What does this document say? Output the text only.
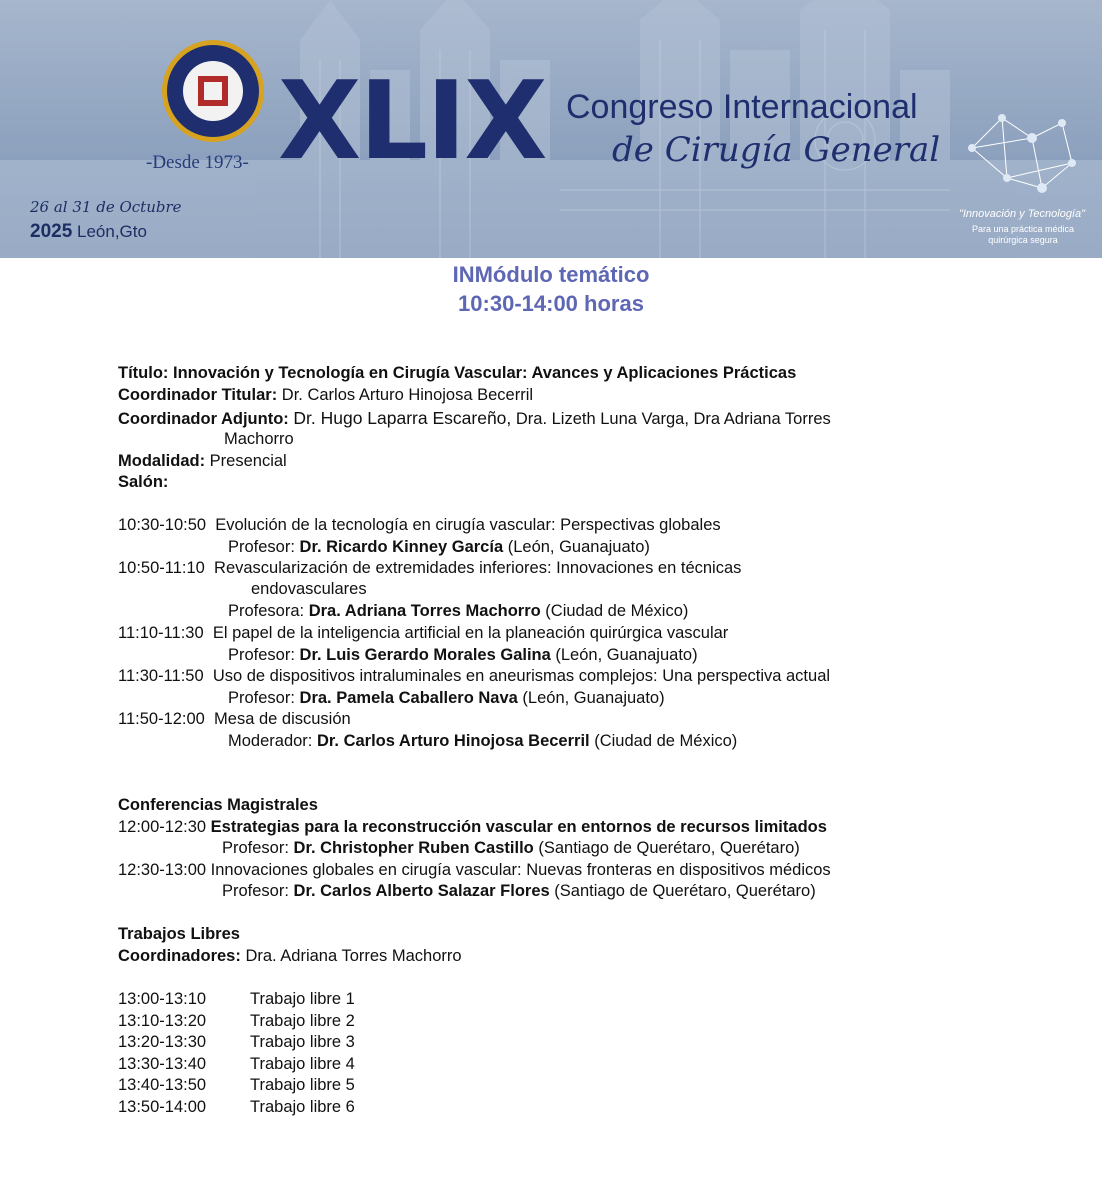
-Desde 1973-
26 al 31 de Octubre
2025 León,Gto
XLIX Congreso Internacional
de Cirugía General
"Innovación y Tecnología"
Para una práctica médica quirúrgica segura
INMódulo temático
10:30-14:00 horas
Título: Innovación y Tecnología en Cirugía Vascular: Avances y Aplicaciones Prácticas
Coordinador Titular: Dr. Carlos Arturo Hinojosa Becerril
Coordinador Adjunto: Dr. Hugo Laparra Escareño, Dra. Lizeth Luna Varga, Dra Adriana Torres
Machorro
Modalidad: Presencial
Salón:
10:30-10:50 Evolución de la tecnología en cirugía vascular: Perspectivas globales
Profesor: Dr. Ricardo Kinney García (León, Guanajuato)
10:50-11:10 Revascularización de extremidades inferiores: Innovaciones en técnicas
endovasculares
Profesora: Dra. Adriana Torres Machorro (Ciudad de México)
11:10-11:30 El papel de la inteligencia artificial en la planeación quirúrgica vascular
Profesor: Dr. Luis Gerardo Morales Galina (León, Guanajuato)
11:30-11:50 Uso de dispositivos intraluminales en aneurismas complejos: Una perspectiva actual
Profesor: Dra. Pamela Caballero Nava (León, Guanajuato)
11:50-12:00 Mesa de discusión
Moderador: Dr. Carlos Arturo Hinojosa Becerril (Ciudad de México)
Conferencias Magistrales
12:00-12:30 Estrategias para la reconstrucción vascular en entornos de recursos limitados
Profesor: Dr. Christopher Ruben Castillo (Santiago de Querétaro, Querétaro)
12:30-13:00 Innovaciones globales en cirugía vascular: Nuevas fronteras en dispositivos médicos
Profesor: Dr. Carlos Alberto Salazar Flores (Santiago de Querétaro, Querétaro)
Trabajos Libres
Coordinadores: Dra. Adriana Torres Machorro
13:00-13:10	Trabajo libre 1
13:10-13:20	Trabajo libre 2
13:20-13:30	Trabajo libre 3
13:30-13:40	Trabajo libre 4
13:40-13:50	Trabajo libre 5
13:50-14:00	Trabajo libre 6
